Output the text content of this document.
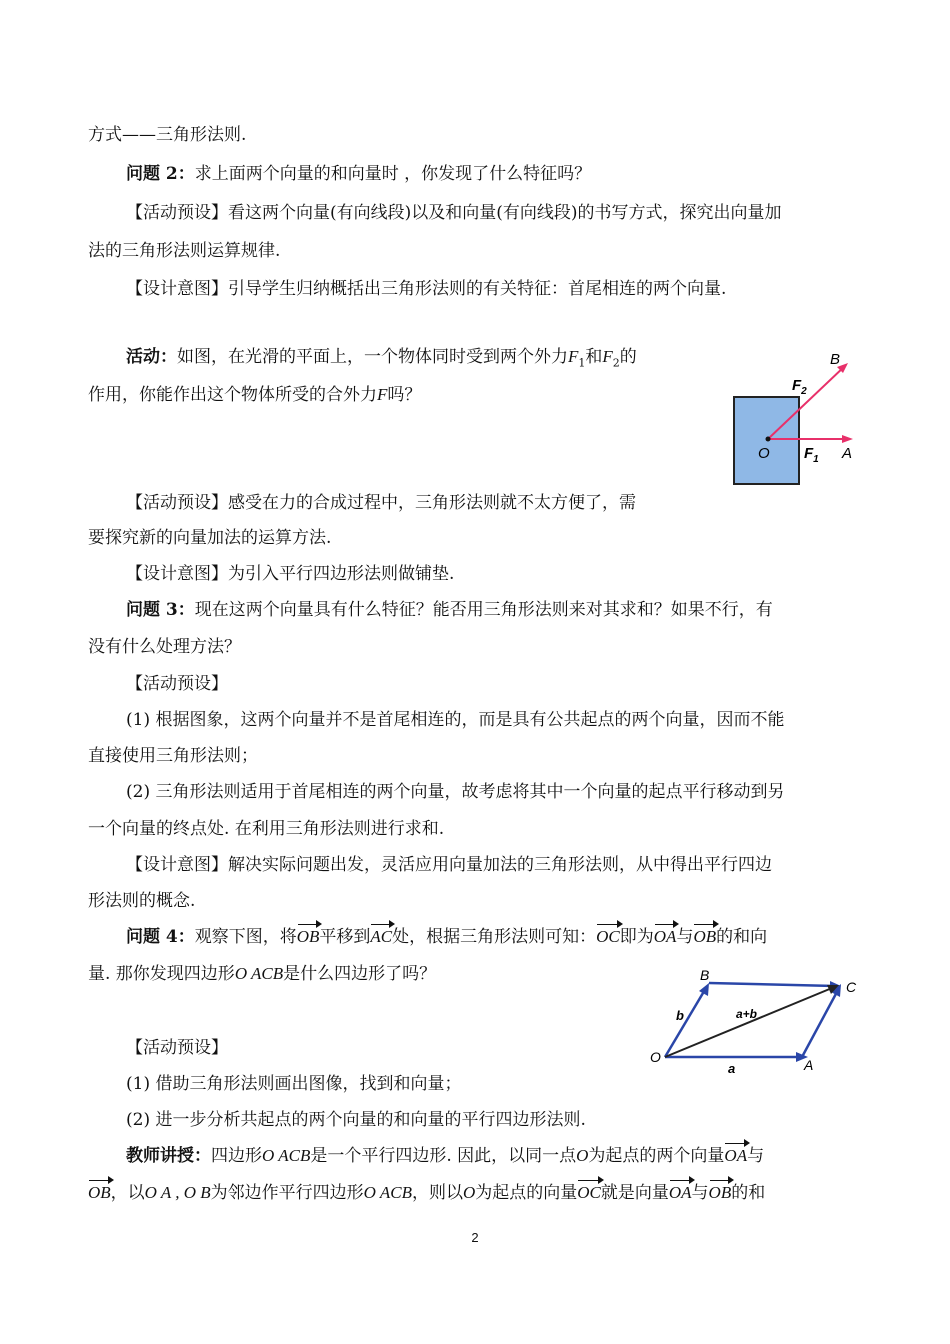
方式——三角形法则.
问题 2：求上面两个向量的和向量时 ，你发现了什么特征吗？
【活动预设】看这两个向量(有向线段)以及和向量(有向线段)的书写方式，探究出向量加
法的三角形法则运算规律.
【设计意图】引导学生归纳概括出三角形法则的有关特征：首尾相连的两个向量.
活动：如图，在光滑的平面上，一个物体同时受到两个外力$F_1$和$F_2$的
作用，你能作出这个物体所受的合外力F吗？
B
$F_2$
O $F_1$ A
【活动预设】感受在力的合成过程中，三角形法则就不太方便了，需
要探究新的向量加法的运算方法.
【设计意图】为引入平行四边形法则做铺垫.
问题 3：现在这两个向量具有什么特征？能否用三角形法则来对其求和？如果不行，有
没有什么处理方法？
【活动预设】
(1) 根据图象，这两个向量并不是首尾相连的，而是具有公共起点的两个向量，因而不能
直接使用三角形法则；
(2) 三角形法则适用于首尾相连的两个向量，故考虑将其中一个向量的起点平行移动到另
一个向量的终点处. 在利用三角形法则进行求和.
【设计意图】解决实际问题出发，灵活应用向量加法的三角形法则，从中得出平行四边
形法则的概念.
问题 4：观察下图，将OB平移到AC处，根据三角形法则可知：OC即为OA与OB的和向
量. 那你发现四边形O ACB是什么四边形了吗？	B
C
b	a+b
O
a	A
【活动预设】
(1) 借助三角形法则画出图像，找到和向量；
(2) 进一步分析共起点的两个向量的和向量的平行四边形法则.
教师讲授：四边形O ACB是一个平行四边形. 因此，以同一点O为起点的两个向量OA与
OB，以O A , O B为邻边作平行四边形O ACB，则以O为起点的向量OC就是向量OA与OB的和
2
